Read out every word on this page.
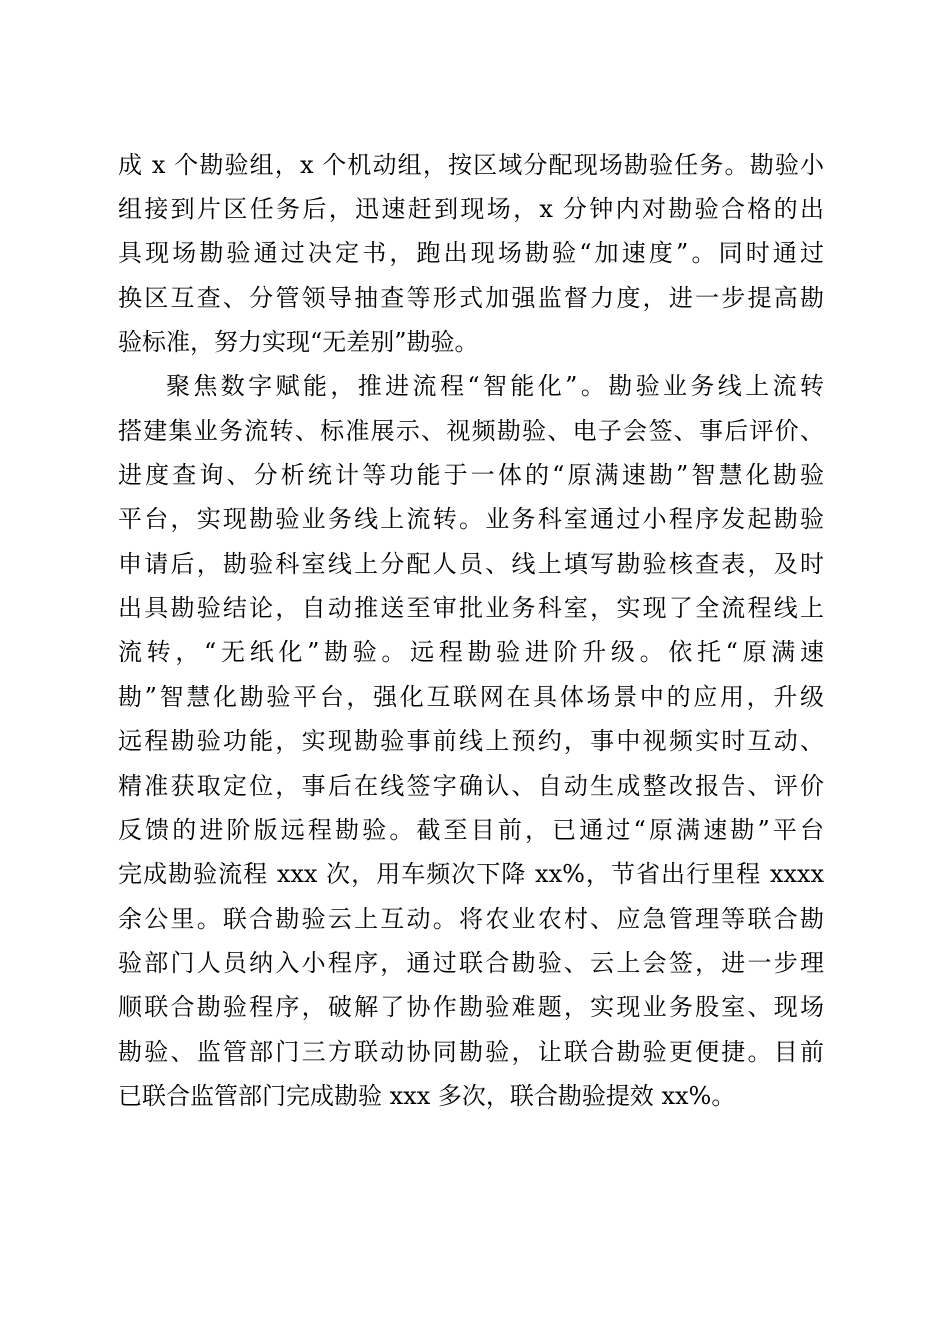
成 x 个勘验组，x 个机动组，按区域分配现场勘验任务。勘验小
组接到片区任务后，迅速赶到现场，x 分钟内对勘验合格的出
具现场勘验通过决定书，跑出现场勘验“加速度”。同时通过
换区互查、分管领导抽查等形式加强监督力度，进一步提高勘
验标准，努力实现“无差别”勘验。
聚焦数字赋能，推进流程“智能化”。勘验业务线上流转
搭建集业务流转、标准展示、视频勘验、电子会签、事后评价、
进度查询、分析统计等功能于一体的“原满速勘”智慧化勘验
平台，实现勘验业务线上流转。业务科室通过小程序发起勘验
申请后，勘验科室线上分配人员、线上填写勘验核查表，及时
出具勘验结论，自动推送至审批业务科室，实现了全流程线上
流转，“无纸化”勘验。远程勘验进阶升级。依托“原满速
勘”智慧化勘验平台，强化互联网在具体场景中的应用，升级
远程勘验功能，实现勘验事前线上预约，事中视频实时互动、
精准获取定位，事后在线签字确认、自动生成整改报告、评价
反馈的进阶版远程勘验。截至目前，已通过“原满速勘”平台
完成勘验流程 xxx 次，用车频次下降 xx%，节省出行里程 xxxx
余公里。联合勘验云上互动。将农业农村、应急管理等联合勘
验部门人员纳入小程序，通过联合勘验、云上会签，进一步理
顺联合勘验程序，破解了协作勘验难题，实现业务股室、现场
勘验、监管部门三方联动协同勘验，让联合勘验更便捷。目前
已联合监管部门完成勘验 xxx 多次，联合勘验提效 xx%。
